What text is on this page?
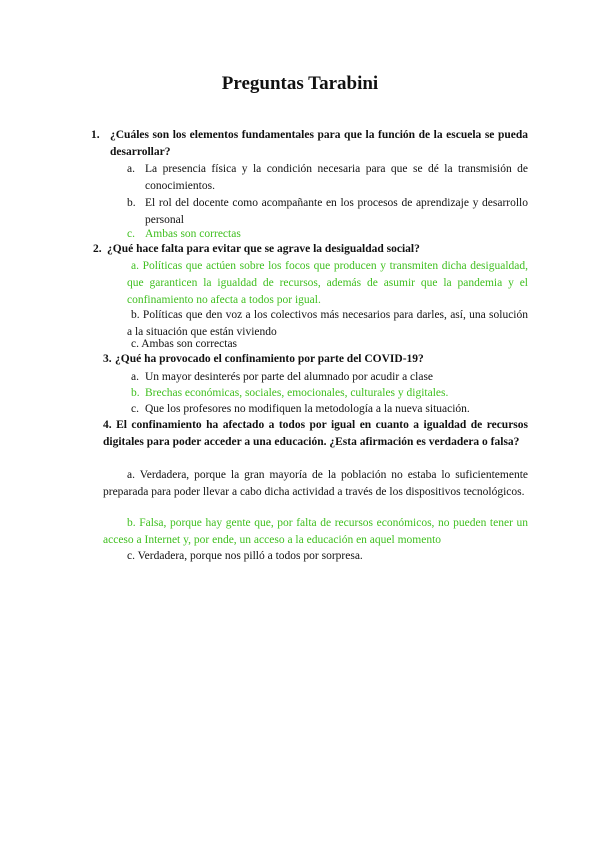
Preguntas Tarabini
1. ¿Cuáles son los elementos fundamentales para que la función de la escuela se pueda desarrollar?
a. La presencia física y la condición necesaria para que se dé la transmisión de conocimientos.
b. El rol del docente como acompañante en los procesos de aprendizaje y desarrollo personal
c. Ambas son correctas
2. ¿Qué hace falta para evitar que se agrave la desigualdad social?
a. Políticas que actúen sobre los focos que producen y transmiten dicha desigualdad, que garanticen la igualdad de recursos, además de asumir que la pandemia y el confinamiento no afecta a todos por igual.
b. Políticas que den voz a los colectivos más necesarios para darles, así, una solución a la situación que están viviendo
c. Ambas son correctas
3. ¿Qué ha provocado el confinamiento por parte del COVID-19?
a. Un mayor desinterés por parte del alumnado por acudir a clase
b. Brechas económicas, sociales, emocionales, culturales y digitales.
c. Que los profesores no modifiquen la metodología a la nueva situación.
4. El confinamiento ha afectado a todos por igual en cuanto a igualdad de recursos digitales para poder acceder a una educación. ¿Esta afirmación es verdadera o falsa?
a. Verdadera, porque la gran mayoría de la población no estaba lo suficientemente preparada para poder llevar a cabo dicha actividad a través de los dispositivos tecnológicos.
b. Falsa, porque hay gente que, por falta de recursos económicos, no pueden tener un acceso a Internet y, por ende, un acceso a la educación en aquel momento
c. Verdadera, porque nos pilló a todos por sorpresa.
